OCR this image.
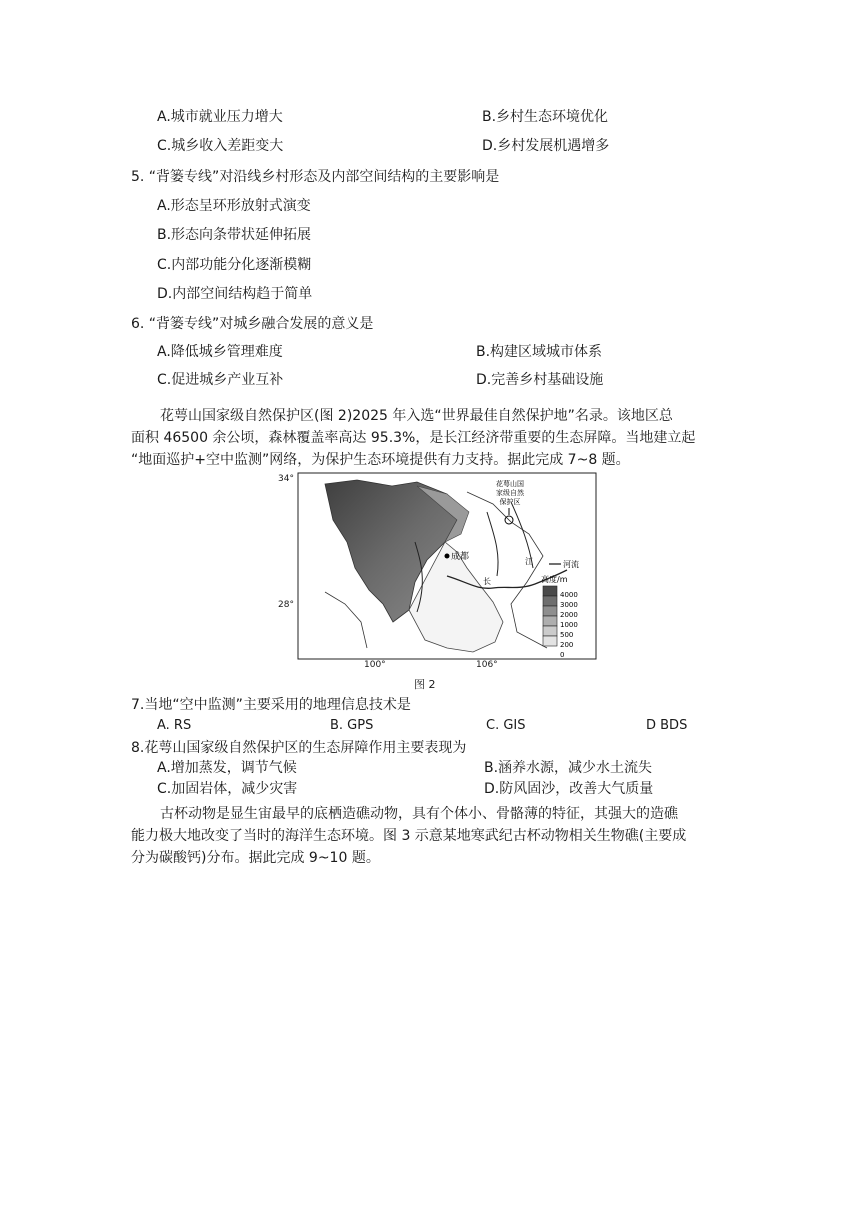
A.城市就业压力增大	B.乡村生态环境优化
C.城乡收入差距变大	D.乡村发展机遇增多
5. “背篓专线”对沿线乡村形态及内部空间结构的主要影响是
A.形态呈环形放射式演变
B.形态向条带状延伸拓展
C.内部功能分化逐渐模糊
D.内部空间结构趋于简单
6. “背篓专线”对城乡融合发展的意义是
A.降低城乡管理难度	B.构建区域城市体系
C.促进城乡产业互补	D.完善乡村基础设施
花萼山国家级自然保护区(图 2)2025 年入选“世界最佳自然保护地”名录。该地区总
面积 46500 余公顷，森林覆盖率高达 95.3%，是长江经济带重要的生态屏障。当地建立起
“地面巡护+空中监测”网络，为保护生态环境提供有力支持。据此完成 7~8 题。
花萼山国
家级自然
保护区
成都	江
长
河流
高度/m
4000
3000
2000
1000
500
200
0
34°
28°
100°	106°
图 2
7.当地“空中监测”主要采用的地理信息技术是
A. RS	B. GPS	C. GIS	D BDS
8.花萼山国家级自然保护区的生态屏障作用主要表现为
A.增加蒸发，调节气候	B.涵养水源，减少水土流失
C.加固岩体，减少灾害	D.防风固沙，改善大气质量
古杯动物是显生宙最早的底栖造礁动物，具有个体小、骨骼薄的特征，其强大的造礁
能力极大地改变了当时的海洋生态环境。图 3 示意某地寒武纪古杯动物相关生物礁(主要成
分为碳酸钙)分布。据此完成 9~10 题。
